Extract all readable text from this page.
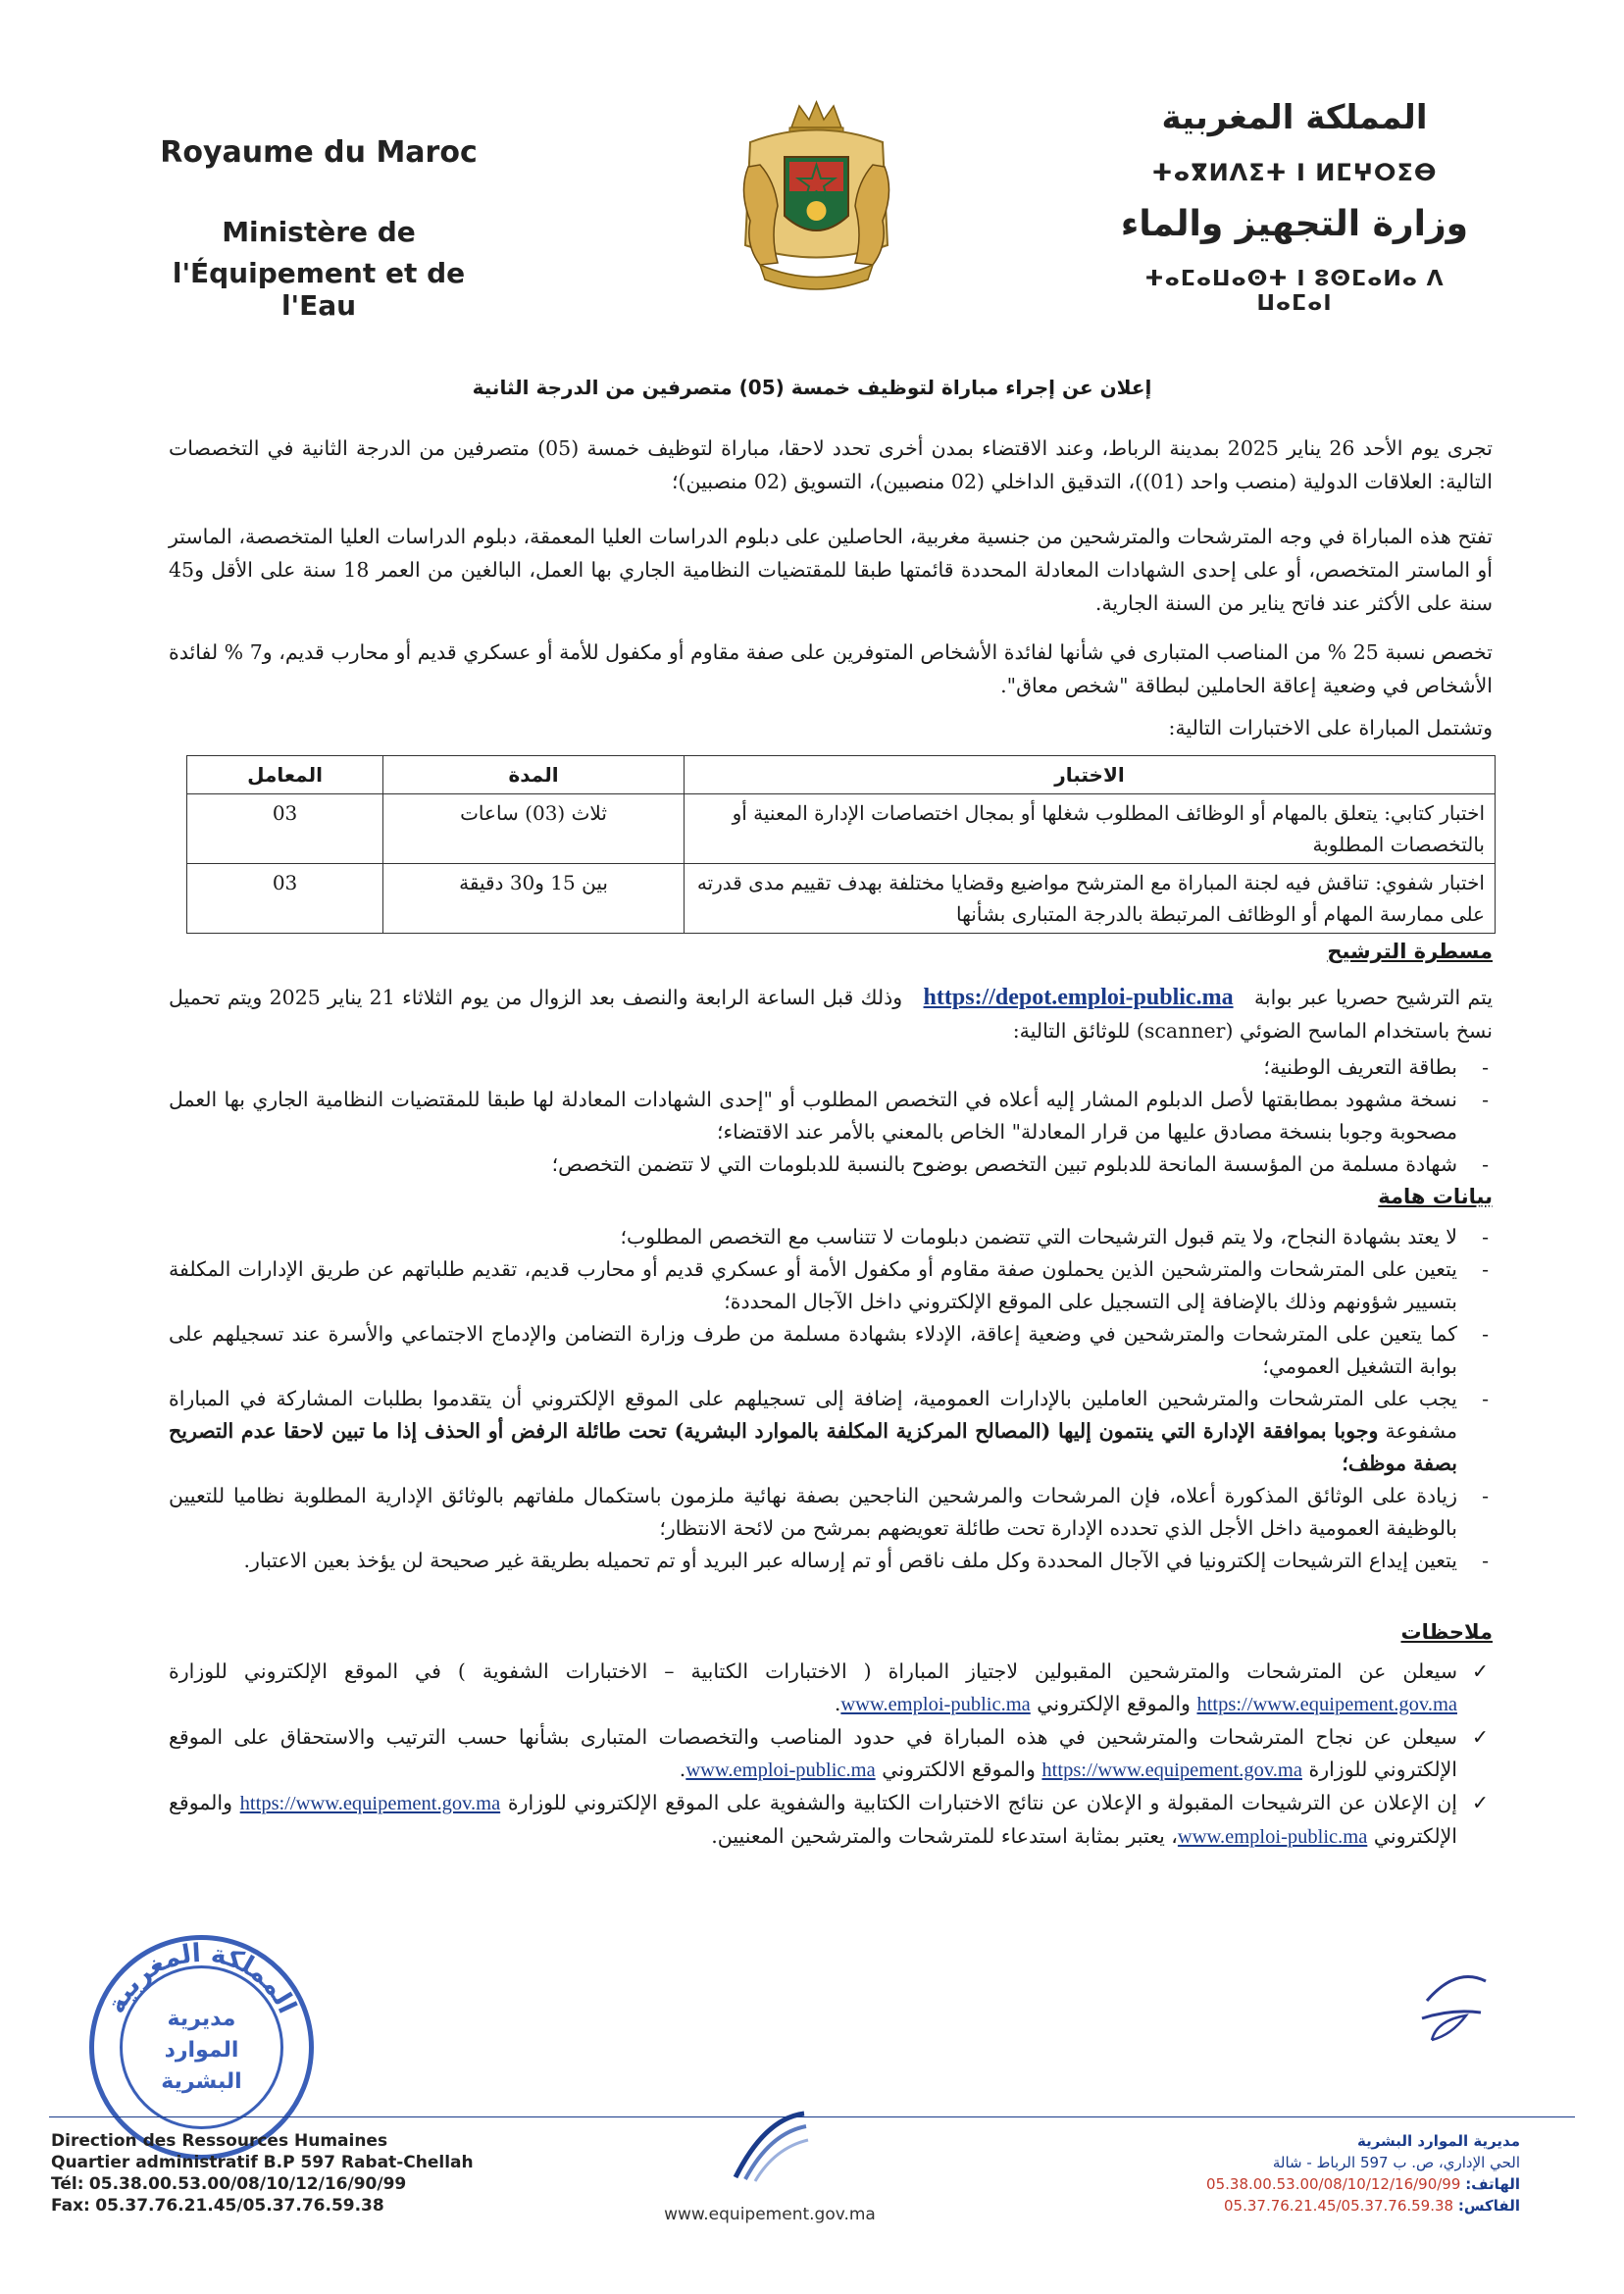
Royaume du Maroc
Ministère de
l'Équipement et de l'Eau
المملكة المغربية
ⵜⴰⴳⵍⴷⵉⵜ ⵏ ⵍⵎⵖⵔⵉⴱ
وزارة التجهيز والماء
ⵜⴰⵎⴰⵡⴰⵙⵜ ⵏ ⵓⵙⵎⴰⵍⴰ ⴷ ⵡⴰⵎⴰⵏ
إعلان عن إجراء مباراة لتوظيف خمسة (05) متصرفين من الدرجة الثانية
تجرى يوم الأحد 26 يناير 2025 بمدينة الرباط، وعند الاقتضاء بمدن أخرى تحدد لاحقا، مباراة لتوظيف خمسة (05) متصرفين من الدرجة الثانية في التخصصات التالية: العلاقات الدولية (منصب واحد (01))، التدقيق الداخلي (02 منصبين)، التسويق (02 منصبين)؛
تفتح هذه المباراة في وجه المترشحات والمترشحين من جنسية مغربية، الحاصلين على دبلوم الدراسات العليا المعمقة، دبلوم الدراسات العليا المتخصصة، الماستر أو الماستر المتخصص، أو على إحدى الشهادات المعادلة المحددة قائمتها طبقا للمقتضيات النظامية الجاري بها العمل، البالغين من العمر 18 سنة على الأقل و45 سنة على الأكثر عند فاتح يناير من السنة الجارية.
تخصص نسبة 25 % من المناصب المتبارى في شأنها لفائدة الأشخاص المتوفرين على صفة مقاوم أو مكفول للأمة أو عسكري قديم أو محارب قديم، و7 % لفائدة الأشخاص في وضعية إعاقة الحاملين لبطاقة "شخص معاق".
وتشتمل المباراة على الاختبارات التالية:
الاختبار	المدة	المعامل
اختبار كتابي: يتعلق بالمهام أو الوظائف المطلوب شغلها أو بمجال اختصاصات الإدارة المعنية أو بالتخصصات المطلوبة	ثلاث (03) ساعات	03
اختبار شفوي: تناقش فيه لجنة المباراة مع المترشح مواضيع وقضايا مختلفة بهدف تقييم مدى قدرته على ممارسة المهام أو الوظائف المرتبطة بالدرجة المتبارى بشأنها	بين 15 و30 دقيقة	03
مسطرة الترشيح
يتم الترشيح حصريا عبر بوابة https://depot.emploi-public.ma وذلك قبل الساعة الرابعة والنصف بعد الزوال من يوم الثلاثاء 21 يناير 2025 ويتم تحميل نسخ باستخدام الماسح الضوئي (scanner) للوثائق التالية:
-
بطاقة التعريف الوطنية؛
-
نسخة مشهود بمطابقتها لأصل الدبلوم المشار إليه أعلاه في التخصص المطلوب أو "إحدى الشهادات المعادلة لها طبقا للمقتضيات النظامية الجاري بها العمل مصحوبة وجوبا بنسخة مصادق عليها من قرار المعادلة" الخاص بالمعني بالأمر عند الاقتضاء؛
-
شهادة مسلمة من المؤسسة المانحة للدبلوم تبين التخصص بوضوح بالنسبة للدبلومات التي لا تتضمن التخصص؛
بيانات هامة
-
لا يعتد بشهادة النجاح، ولا يتم قبول الترشيحات التي تتضمن دبلومات لا تتناسب مع التخصص المطلوب؛
-
يتعين على المترشحات والمترشحين الذين يحملون صفة مقاوم أو مكفول الأمة أو عسكري قديم أو محارب قديم، تقديم طلباتهم عن طريق الإدارات المكلفة بتسيير شؤونهم وذلك بالإضافة إلى التسجيل على الموقع الإلكتروني داخل الآجال المحددة؛
-
كما يتعين على المترشحات والمترشحين في وضعية إعاقة، الإدلاء بشهادة مسلمة من طرف وزارة التضامن والإدماج الاجتماعي والأسرة عند تسجيلهم على بوابة التشغيل العمومي؛
-
يجب على المترشحات والمترشحين العاملين بالإدارات العمومية، إضافة إلى تسجيلهم على الموقع الإلكتروني أن يتقدموا بطلبات المشاركة في المباراة مشفوعة وجوبا بموافقة الإدارة التي ينتمون إليها (المصالح المركزية المكلفة بالموارد البشرية) تحت طائلة الرفض أو الحذف إذا ما تبين لاحقا عدم التصريح بصفة موظف؛
-
زيادة على الوثائق المذكورة أعلاه، فإن المرشحات والمرشحين الناجحين بصفة نهائية ملزمون باستكمال ملفاتهم بالوثائق الإدارية المطلوبة نظاميا للتعيين بالوظيفة العمومية داخل الأجل الذي تحدده الإدارة تحت طائلة تعويضهم بمرشح من لائحة الانتظار؛
-
يتعين إيداع الترشيحات إلكترونيا في الآجال المحددة وكل ملف ناقص أو تم إرساله عبر البريد أو تم تحميله بطريقة غير صحيحة لن يؤخذ بعين الاعتبار.
ملاحظات
✓
سيعلن عن المترشحات والمترشحين المقبولين لاجتياز المباراة ( الاختبارات الكتابية – الاختبارات الشفوية ) في الموقع الإلكتروني للوزارة https://www.equipement.gov.ma والموقع الإلكتروني www.emploi-public.ma.
✓
سيعلن عن نجاح المترشحات والمترشحين في هذه المباراة في حدود المناصب والتخصصات المتبارى بشأنها حسب الترتيب والاستحقاق على الموقع الإلكتروني للوزارة https://www.equipement.gov.ma والموقع الالكتروني www.emploi-public.ma.
✓
إن الإعلان عن الترشيحات المقبولة و الإعلان عن نتائج الاختبارات الكتابية والشفوية على الموقع الإلكتروني للوزارة https://www.equipement.gov.ma والموقع الإلكتروني www.emploi-public.ma، يعتبر بمثابة استدعاء للمترشحات والمترشحين المعنيين.
المملكة المغربية
مديرية
الموارد
البشرية
Direction des Ressources Humaines
Quartier administratif B.P 597 Rabat-Chellah
Tél: 05.38.00.53.00/08/10/12/16/90/99
Fax: 05.37.76.21.45/05.37.76.59.38	www.equipement.gov.ma
مديرية الموارد البشرية
الحي الإداري، ص. ب 597 الرباط - شالة
الهاتف: 05.38.00.53.00/08/10/12/16/90/99
الفاكس: 05.37.76.21.45/05.37.76.59.38
